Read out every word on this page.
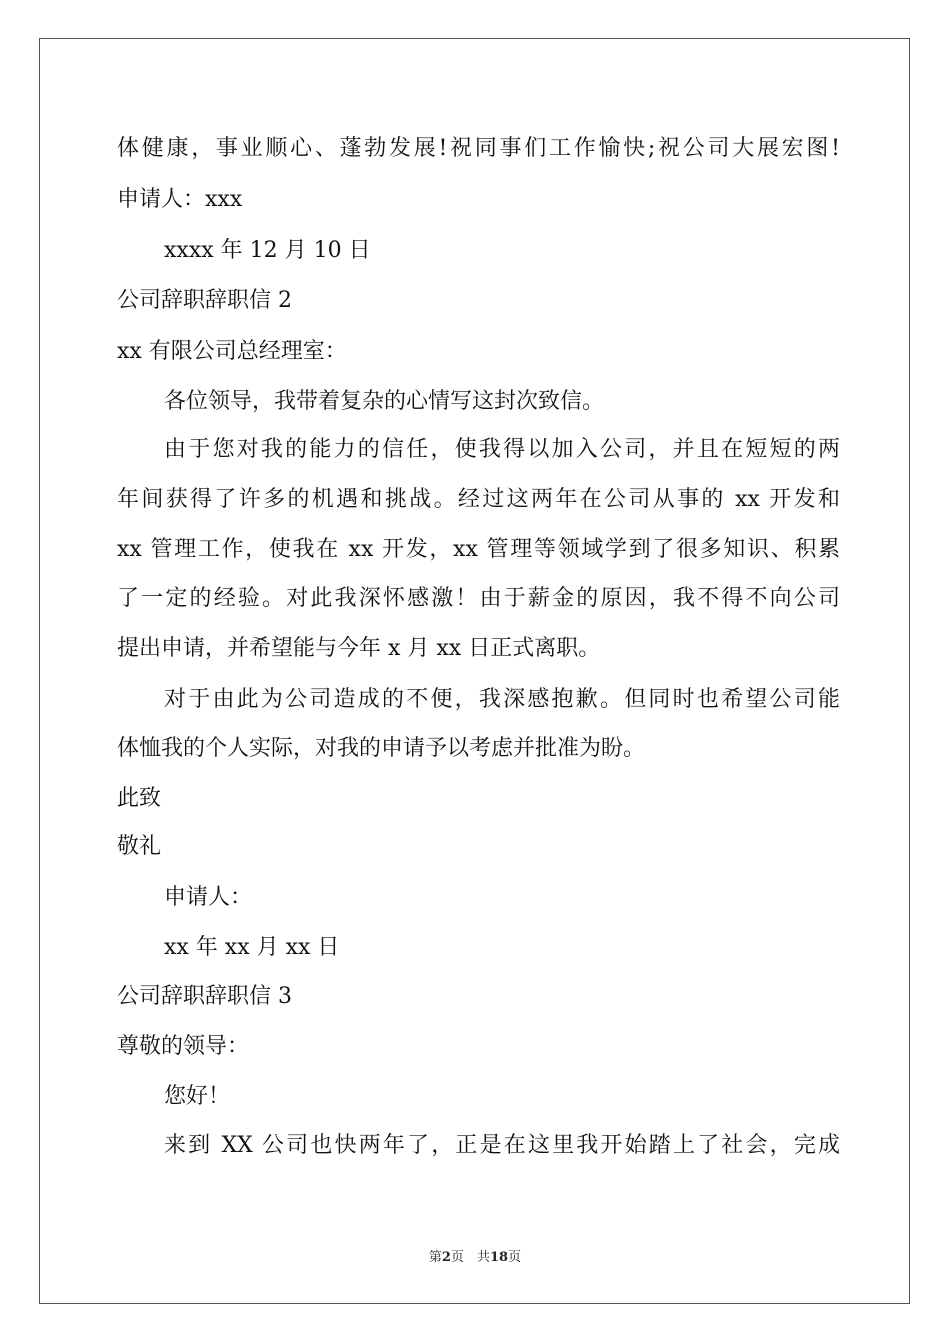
体健康，事业顺心、蓬勃发展!祝同事们工作愉快;祝公司大展宏图!
申请人：xxx
xxxx 年 12 月 10 日
公司辞职辞职信 2
xx 有限公司总经理室：
各位领导，我带着复杂的心情写这封次致信。
由于您对我的能力的信任，使我得以加入公司，并且在短短的两
年间获得了许多的机遇和挑战。经过这两年在公司从事的 xx 开发和
xx 管理工作，使我在 xx 开发，xx 管理等领域学到了很多知识、积累
了一定的经验。对此我深怀感激！由于薪金的原因，我不得不向公司
提出申请，并希望能与今年 x 月 xx 日正式离职。
对于由此为公司造成的不便，我深感抱歉。但同时也希望公司能
体恤我的个人实际，对我的申请予以考虑并批准为盼。
此致
敬礼
申请人：
xx 年 xx 月 xx 日
公司辞职辞职信 3
尊敬的领导：
您好！
来到 XX 公司也快两年了，正是在这里我开始踏上了社会，完成
第2页　共18页
